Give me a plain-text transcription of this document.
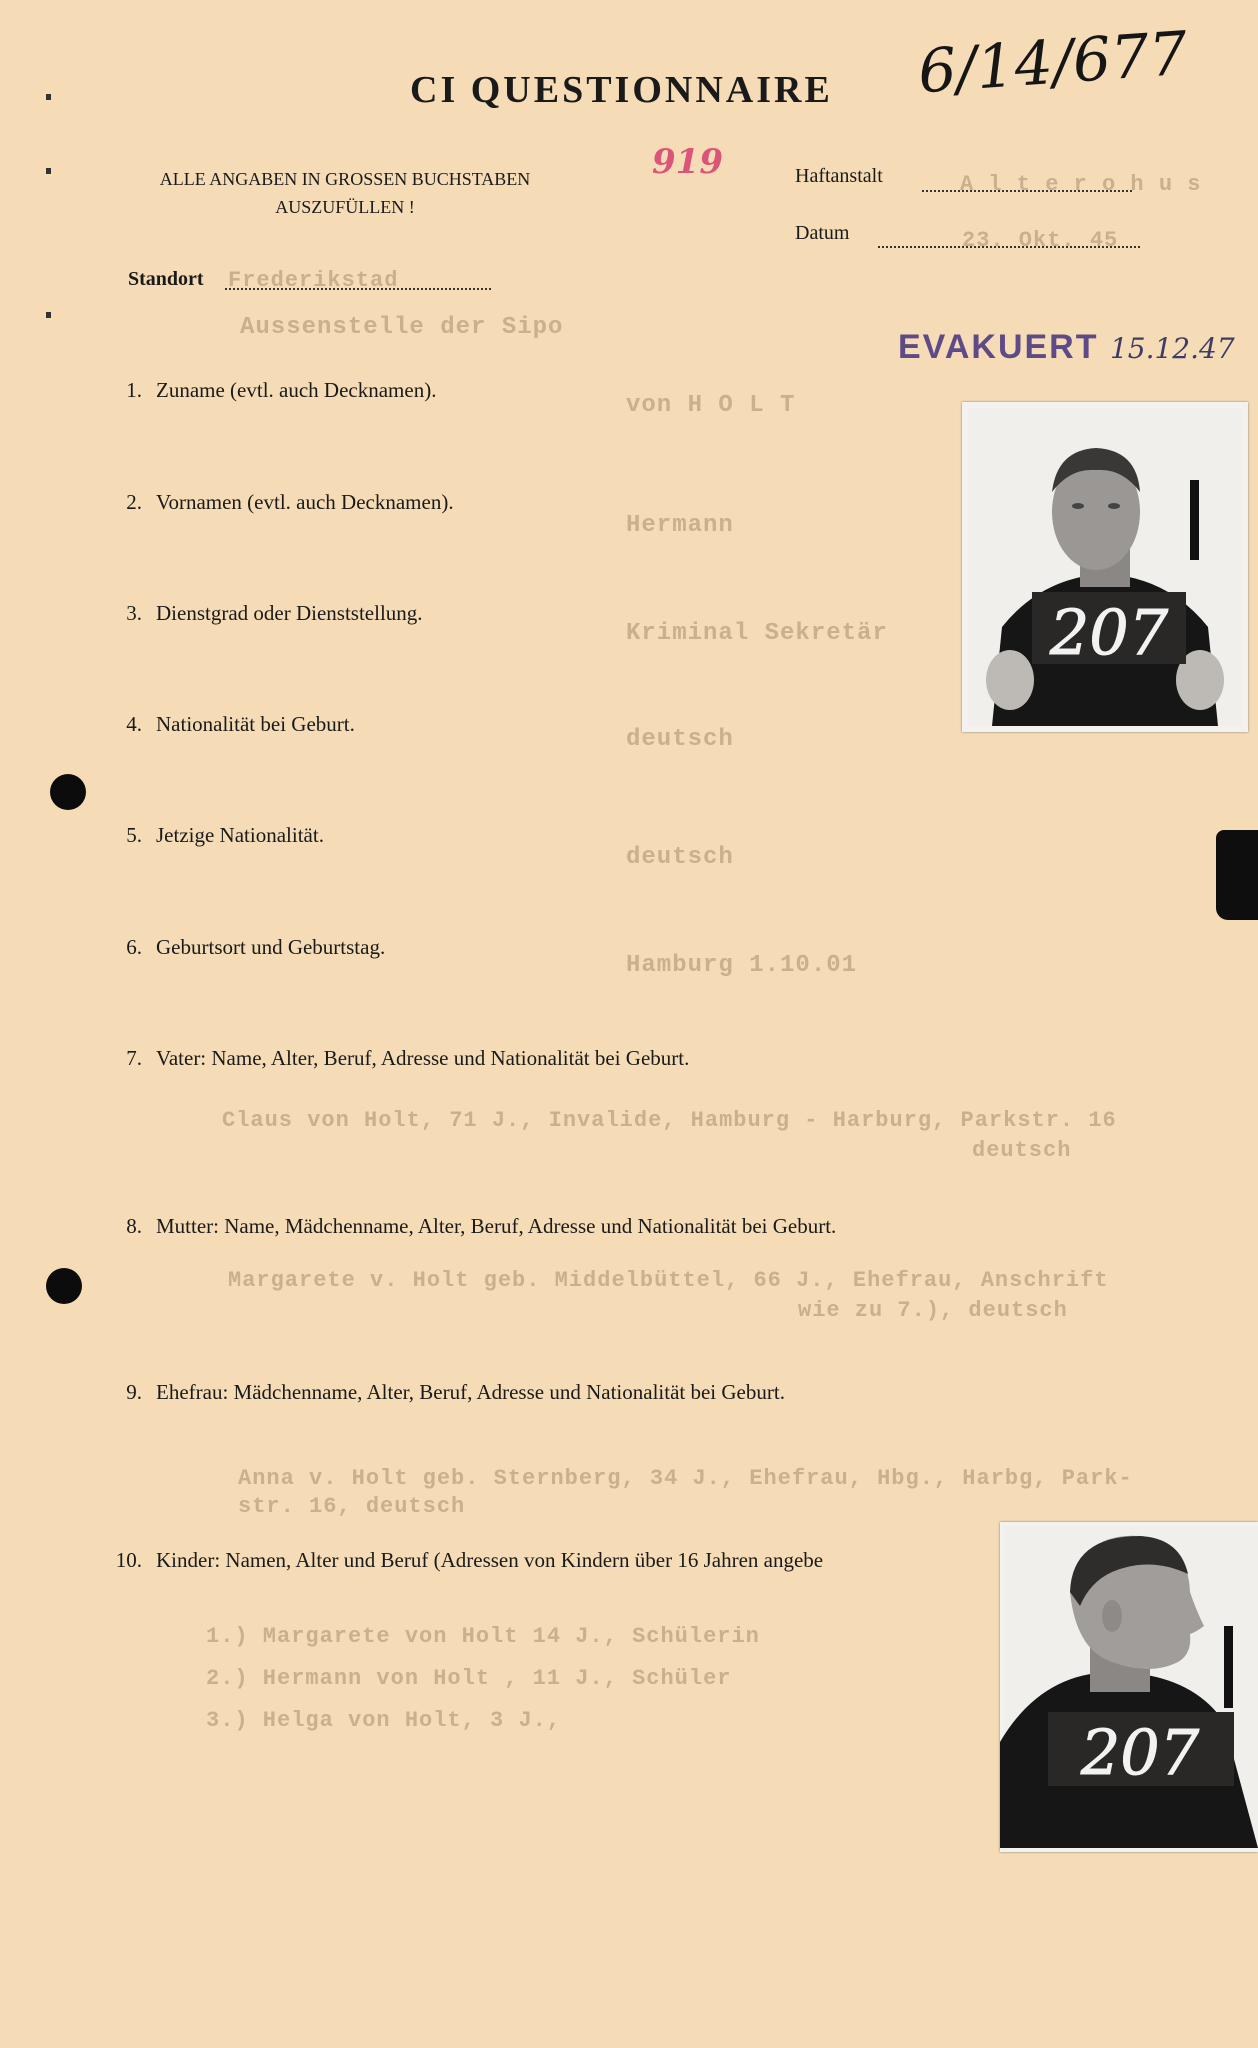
6/14/677
CI QUESTIONNAIRE
ALLE ANGABEN IN GROSSEN BUCHSTABEN
AUSZUFÜLLEN !
919	Haftanstalt	A l t e r o h u s
Datum	23. Okt. 45
Standort Frederikstad
Aussenstelle der Sipo
EVAKUERT 15.12.47
1. Zuname (evtl. auch Decknamen).
von H O L T
2. Vornamen (evtl. auch Decknamen).
Hermann
3. Dienstgrad oder Dienststellung.
Kriminal Sekretär
4. Nationalität bei Geburt.
deutsch
5. Jetzige Nationalität.
deutsch
6. Geburtsort und Geburtstag.
Hamburg 1.10.01
7. Vater: Name, Alter, Beruf, Adresse und Nationalität bei Geburt.
Claus von Holt, 71 J., Invalide, Hamburg - Harburg, Parkstr. 16
deutsch
8. Mutter: Name, Mädchenname, Alter, Beruf, Adresse und Nationalität bei Geburt.
Margarete v. Holt geb. Middelbüttel, 66 J., Ehefrau, Anschrift
wie zu 7.), deutsch
9. Ehefrau: Mädchenname, Alter, Beruf, Adresse und Nationalität bei Geburt.
Anna v. Holt geb. Sternberg, 34 J., Ehefrau, Hbg., Harbg, Park-
str. 16, deutsch
10. Kinder: Namen, Alter und Beruf (Adressen von Kindern über 16 Jahren angebe
1.) Margarete von Holt 14 J., Schülerin
2.) Hermann von Holt , 11 J., Schüler
3.) Helga von Holt, 3 J.,
207
207
